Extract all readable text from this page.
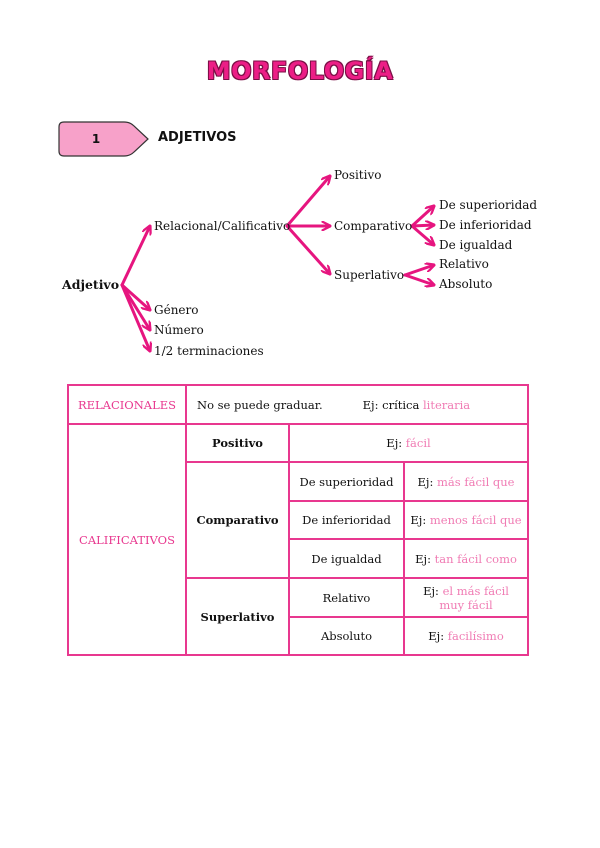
MORFOLOGÍA
1	ADJETIVOS
Adjetivo
Relacional/Calificativo
Género
Número
1/2 terminaciones
Positivo
Comparativo
Superlativo
De superioridad
De inferioridad
De igualdad
Relativo
Absoluto
RELACIONALES	No se puede graduar. Ej: crítica literaria		
CALIFICATIVOS	Positivo	Ej: fácil	
	Comparativo	De superioridad	Ej: más fácil que
		De inferioridad	Ej: menos fácil que
		De igualdad	Ej: tan fácil como
	Superlativo	Relativo	Ej: el más fácil
muy fácil
		Absoluto	Ej: facilísimo
